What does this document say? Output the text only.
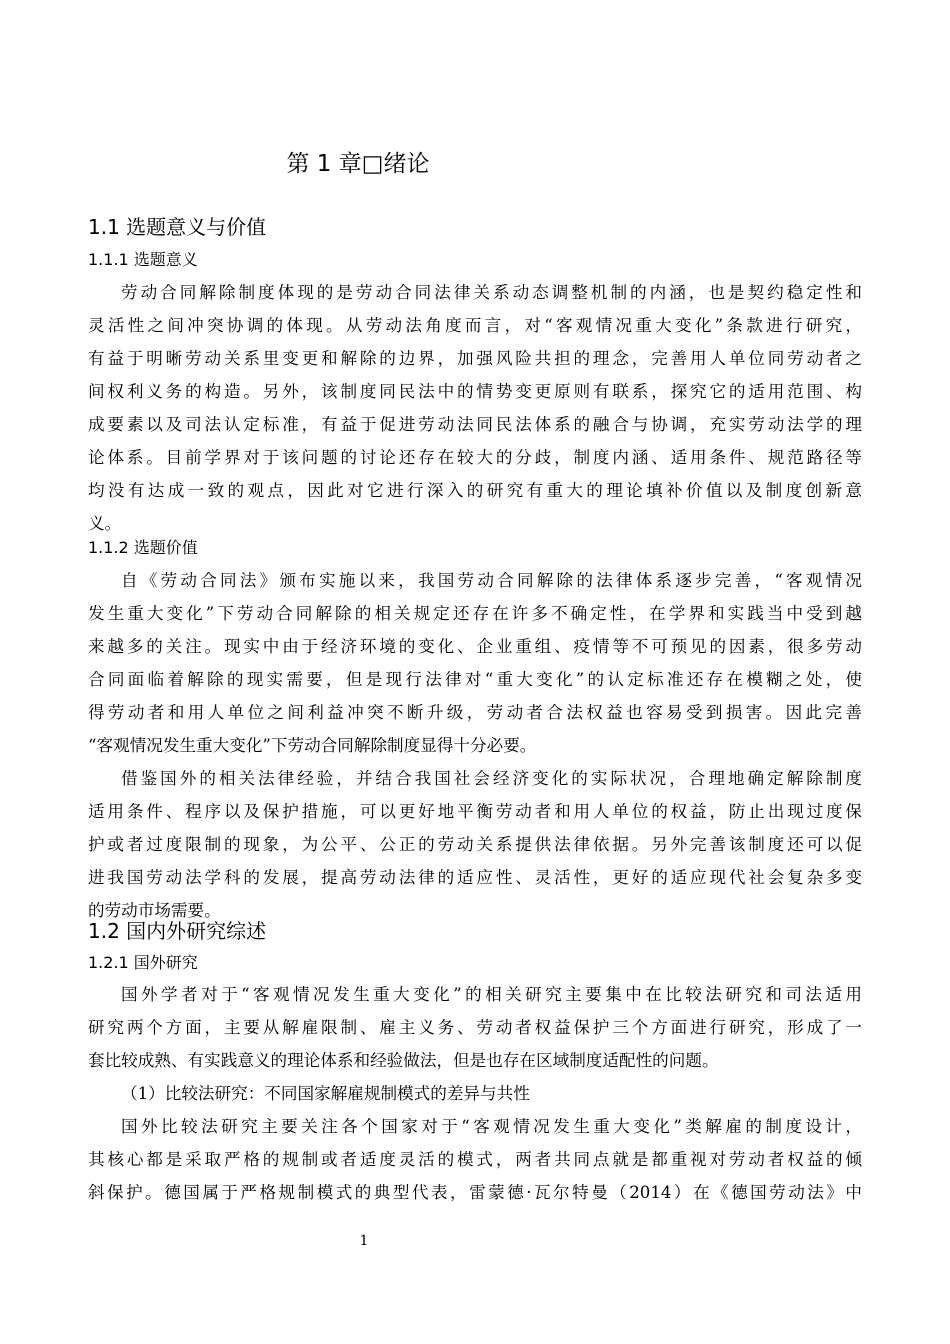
第 1 章□绪论
1.1 选题意义与价值
1.1.1 选题意义
劳动合同解除制度体现的是劳动合同法律关系动态调整机制的内涵，也是契约稳定性和
灵活性之间冲突协调的体现。从劳动法角度而言，对“客观情况重大变化”条款进行研究，
有益于明晰劳动关系里变更和解除的边界，加强风险共担的理念，完善用人单位同劳动者之
间权利义务的构造。另外，该制度同民法中的情势变更原则有联系，探究它的适用范围、构
成要素以及司法认定标准，有益于促进劳动法同民法体系的融合与协调，充实劳动法学的理
论体系。目前学界对于该问题的讨论还存在较大的分歧，制度内涵、适用条件、规范路径等
均没有达成一致的观点，因此对它进行深入的研究有重大的理论填补价值以及制度创新意
义。
1.1.2 选题价值
自《劳动合同法》颁布实施以来，我国劳动合同解除的法律体系逐步完善，“客观情况
发生重大变化”下劳动合同解除的相关规定还存在许多不确定性，在学界和实践当中受到越
来越多的关注。现实中由于经济环境的变化、企业重组、疫情等不可预见的因素，很多劳动
合同面临着解除的现实需要，但是现行法律对“重大变化”的认定标准还存在模糊之处，使
得劳动者和用人单位之间利益冲突不断升级，劳动者合法权益也容易受到损害。因此完善
“客观情况发生重大变化”下劳动合同解除制度显得十分必要。
借鉴国外的相关法律经验，并结合我国社会经济变化的实际状况，合理地确定解除制度
适用条件、程序以及保护措施，可以更好地平衡劳动者和用人单位的权益，防止出现过度保
护或者过度限制的现象，为公平、公正的劳动关系提供法律依据。另外完善该制度还可以促
进我国劳动法学科的发展，提高劳动法律的适应性、灵活性，更好的适应现代社会复杂多变
的劳动市场需要。
1.2 国内外研究综述
1.2.1 国外研究
国外学者对于“客观情况发生重大变化”的相关研究主要集中在比较法研究和司法适用
研究两个方面，主要从解雇限制、雇主义务、劳动者权益保护三个方面进行研究，形成了一
套比较成熟、有实践意义的理论体系和经验做法，但是也存在区域制度适配性的问题。
（1）比较法研究：不同国家解雇规制模式的差异与共性
国外比较法研究主要关注各个国家对于“客观情况发生重大变化”类解雇的制度设计，
其核心都是采取严格的规制或者适度灵活的模式，两者共同点就是都重视对劳动者权益的倾
斜保护。德国属于严格规制模式的典型代表，雷蒙德·瓦尔特曼（2014）在《德国劳动法》中
1
